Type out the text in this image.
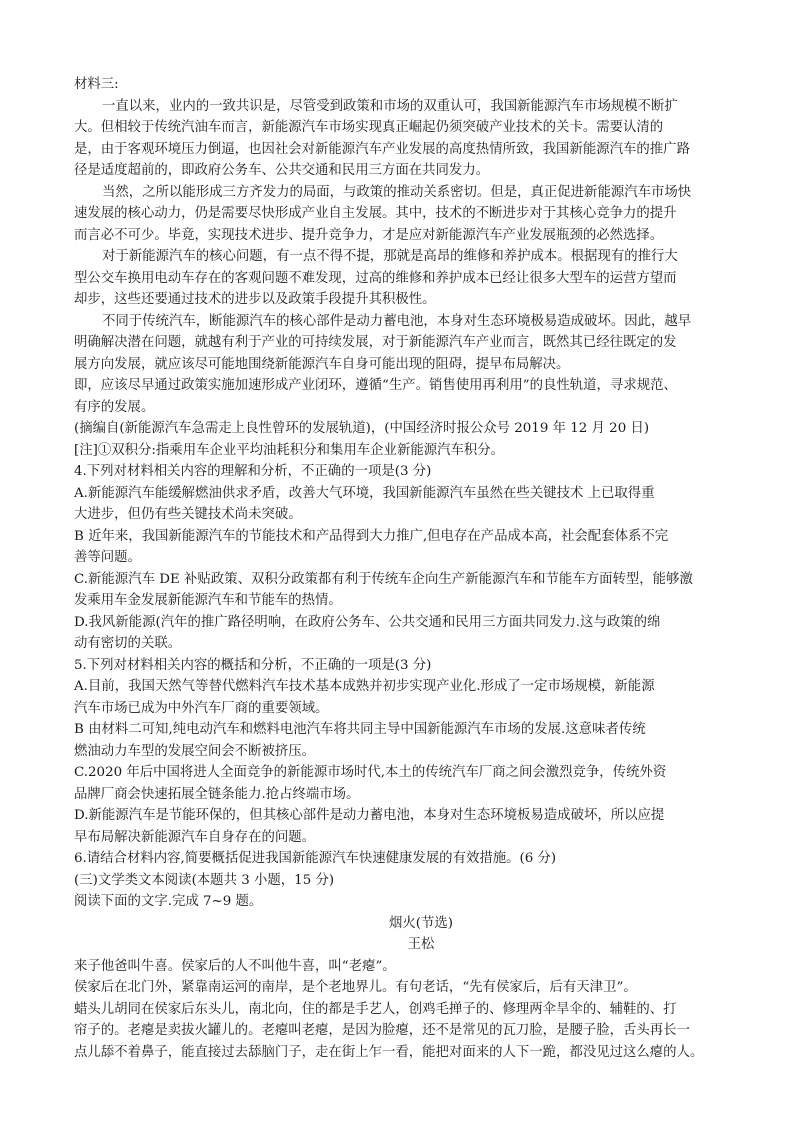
材料三:
一直以来，业内的一致共识是，尽管受到政策和市场的双重认可，我国新能源汽车市场规模不断扩
大。但相较于传统汽油车而言，新能源汽车市场实现真正崛起仍须突破产业技术的关卡。需要认清的
是，由于客观环境压力倒逼，也因社会对新能源汽车产业发展的高度热情所致，我国新能源汽车的推广路
径是适度超前的，即政府公务车、公共交通和民用三方面在共同发力。
当然，之所以能形成三方齐发力的局面，与政策的推动关系密切。但是，真正促进新能源汽车市场快
速发展的核心动力，仍是需要尽快形成产业自主发展。其中，技术的不断进步对于其核心竞争力的提升
而言必不可少。毕竟，实现技术进步、提升竞争力，才是应对新能源汽车产业发展瓶颈的必然选择。
对于新能源汽车的核心问题，有一点不得不提，那就是高昂的维修和养护成本。根据现有的推行大
型公交车换用电动车存在的客观问题不难发现，过高的维修和养护成本已经让很多大型车的运营方望而
却步，这些还要通过技术的进步以及政策手段提升其积极性。
不同于传统汽车，断能源汽车的核心部件是动力蓄电池，本身对生态环境极易造成破坏。因此，越早
明确解决潜在问题，就越有利于产业的可持续发展，对于新能源汽车产业而言，既然其已经往既定的发
展方向发展，就应该尽可能地围绕新能源汽车自身可能出现的阻碍，提早布局解决。
即，应该尽早通过政策实施加速形成产业闭环，遵循“生产。销售使用再利用”的良性轨道，寻求规范、
有序的发展。
(摘编自(新能源汽车急需走上良性曾环的发展轨道)，(中国经济时报公众号 2019 年 12 月 20 日)
[注]①双积分:指乘用车企业平均油耗积分和集用车企业新能源汽车积分。
4.下列对材料相关内容的理解和分析，不正确的一项是(3 分)
A.新能源汽车能缓解燃油供求矛盾，改善大气环境，我国新能源汽车虽然在些关键技术 上已取得重
大进步，但仍有些关键技术尚未突破。
B 近年来，我国新能源汽车的节能技术和产品得到大力推广,但电存在产品成本高，社会配套体系不完
善等问题。
C.新能源汽车 DE 补贴政策、双积分政策都有利于传统车企向生产新能源汽车和节能车方面转型，能够激
发乘用车金发展新能源汽车和节能车的热情。
D.我风新能源(汽年的推广路径明响，在政府公务车、公共交通和民用三方面共同发力.这与政策的绵
动有密切的关联。
5.下列对材料相关内容的概括和分析，不正确的一项是(3 分)
A.目前，我国天然气等替代燃料汽车技术基本成熟并初步实现产业化.形成了一定市场规模，新能源
汽车市场已成为中外汽车厂商的重要领域。
B 由材料二可知,纯电动汽车和燃料电池汽车将共同主导中国新能源汽车市场的发展.这意味者传统
燃油动力车型的发展空间会不断被挤压。
C.2020 年后中国将进人全面竞争的新能源市场时代,本土的传统汽车厂商之间会激烈竞争，传统外资
品牌厂商会快速拓展全链条能力.抢占终端市场。
D.新能源汽车是节能环保的，但其核心部件是动力蓄电池，本身对生态环境板易造成破坏，所以应提
早布局解决新能源汽车自身存在的问题。
6.请结合材料内容,简要概括促进我国新能源汽车快速健康发展的有效措施。(6 分)
(三)文学类文本阅读(本题共 3 小题，15 分)
阅读下面的文字.完成 7~9 题。
烟火(节选)
王松
来子他爸叫牛喜。侯家后的人不叫他牛喜，叫“老瘪”。
侯家后在北门外，紧靠南运河的南岸，是个老地界儿。有句老话，“先有侯家后，后有天津卫”。
蜡头儿胡同在侯家后东头儿，南北向，住的都是手艺人，创鸡毛掸子的、修理两伞旱伞的、辅鞋的、打
帘子的。老瘪是卖拔火罐儿的。老瘪叫老瘪，是因为脸瘪，还不是常见的瓦刀脸，是腰子脸，舌头再长一
点儿舔不着鼻子，能直接过去舔脑门子，走在街上乍一看，能把对面来的人下一跪，都没见过这么瘪的人。
